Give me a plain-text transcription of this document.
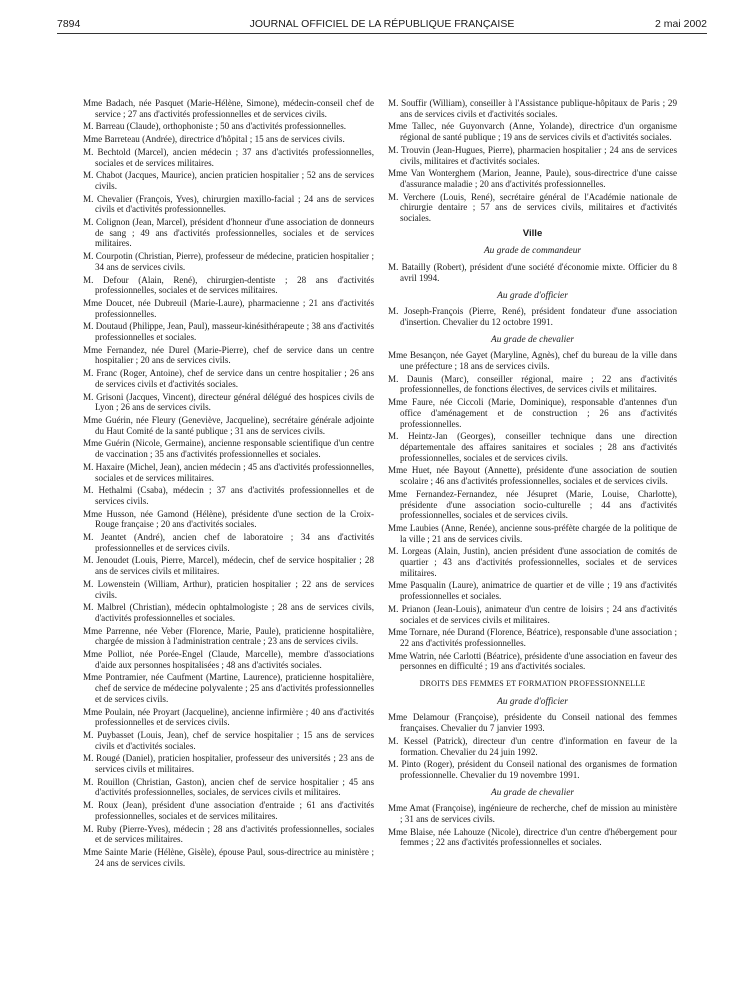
7894	JOURNAL OFFICIEL DE LA RÉPUBLIQUE FRANÇAISE	2 mai 2002
Mme Badach, née Pasquet (Marie-Hélène, Simone), médecin-conseil chef de service ; 27 ans d'activités professionnelles et de services civils.
M. Barreau (Claude), orthophoniste ; 50 ans d'activités professionnelles.
Mme Barreteau (Andrée), directrice d'hôpital ; 15 ans de services civils.
M. Bechtold (Marcel), ancien médecin ; 37 ans d'activités professionnelles, sociales et de services militaires.
M. Chabot (Jacques, Maurice), ancien praticien hospitalier ; 52 ans de services civils.
M. Chevalier (François, Yves), chirurgien maxillo-facial ; 24 ans de services civils et d'activités professionnelles.
M. Colignon (Jean, Marcel), président d'honneur d'une association de donneurs de sang ; 49 ans d'activités professionnelles, sociales et de services militaires.
M. Courpotin (Christian, Pierre), professeur de médecine, praticien hospitalier ; 34 ans de services civils.
M. Defour (Alain, René), chirurgien-dentiste ; 28 ans d'activités professionnelles, sociales et de services militaires.
Mme Doucet, née Dubreuil (Marie-Laure), pharmacienne ; 21 ans d'activités professionnelles.
M. Doutaud (Philippe, Jean, Paul), masseur-kinésithérapeute ; 38 ans d'activités professionnelles et sociales.
Mme Fernandez, née Durel (Marie-Pierre), chef de service dans un centre hospitalier ; 20 ans de services civils.
M. Franc (Roger, Antoine), chef de service dans un centre hospitalier ; 26 ans de services civils et d'activités sociales.
M. Grisoni (Jacques, Vincent), directeur général délégué des hospices civils de Lyon ; 26 ans de services civils.
Mme Guérin, née Fleury (Geneviève, Jacqueline), secrétaire générale adjointe du Haut Comité de la santé publique ; 31 ans de services civils.
Mme Guérin (Nicole, Germaine), ancienne responsable scientifique d'un centre de vaccination ; 35 ans d'activités professionnelles et sociales.
M. Haxaire (Michel, Jean), ancien médecin ; 45 ans d'activités professionnelles, sociales et de services militaires.
M. Hethalmi (Csaba), médecin ; 37 ans d'activités professionnelles et de services civils.
Mme Husson, née Gamond (Hélène), présidente d'une section de la Croix-Rouge française ; 20 ans d'activités sociales.
M. Jeantet (André), ancien chef de laboratoire ; 34 ans d'activités professionnelles et de services civils.
M. Jenoudet (Louis, Pierre, Marcel), médecin, chef de service hospitalier ; 28 ans de services civils et militaires.
M. Lowenstein (William, Arthur), praticien hospitalier ; 22 ans de services civils.
M. Malbrel (Christian), médecin ophtalmologiste ; 28 ans de services civils, d'activités professionnelles et sociales.
Mme Parrenne, née Veber (Florence, Marie, Paule), praticienne hospitalière, chargée de mission à l'administration centrale ; 23 ans de services civils.
Mme Polliot, née Porée-Engel (Claude, Marcelle), membre d'associations d'aide aux personnes hospitalisées ; 48 ans d'activités sociales.
Mme Pontramier, née Caufment (Martine, Laurence), praticienne hospitalière, chef de service de médecine polyvalente ; 25 ans d'activités professionnelles et de services civils.
Mme Poulain, née Proyart (Jacqueline), ancienne infirmière ; 40 ans d'activités professionnelles et de services civils.
M. Puybasset (Louis, Jean), chef de service hospitalier ; 15 ans de services civils et d'activités sociales.
M. Rougé (Daniel), praticien hospitalier, professeur des universités ; 23 ans de services civils et militaires.
M. Rouillon (Christian, Gaston), ancien chef de service hospitalier ; 45 ans d'activités professionnelles, sociales, de services civils et militaires.
M. Roux (Jean), président d'une association d'entraide ; 61 ans d'activités professionnelles, sociales et de services militaires.
M. Ruby (Pierre-Yves), médecin ; 28 ans d'activités professionnelles, sociales et de services militaires.
Mme Sainte Marie (Hélène, Gisèle), épouse Paul, sous-directrice au ministère ; 24 ans de services civils.
M. Souffir (William), conseiller à l'Assistance publique-hôpitaux de Paris ; 29 ans de services civils et d'activités sociales.
Mme Tallec, née Guyonvarch (Anne, Yolande), directrice d'un organisme régional de santé publique ; 19 ans de services civils et d'activités sociales.
M. Trouvin (Jean-Hugues, Pierre), pharmacien hospitalier ; 24 ans de services civils, militaires et d'activités sociales.
Mme Van Wonterghem (Marion, Jeanne, Paule), sous-directrice d'une caisse d'assurance maladie ; 20 ans d'activités professionnelles.
M. Verchere (Louis, René), secrétaire général de l'Académie nationale de chirurgie dentaire ; 57 ans de services civils, militaires et d'activités sociales.
Ville
Au grade de commandeur
M. Batailly (Robert), président d'une société d'économie mixte. Officier du 8 avril 1994.
Au grade d'officier
M. Joseph-François (Pierre, René), président fondateur d'une association d'insertion. Chevalier du 12 octobre 1991.
Au grade de chevalier
Mme Besançon, née Gayet (Maryline, Agnès), chef du bureau de la ville dans une préfecture ; 18 ans de services civils.
M. Daunis (Marc), conseiller régional, maire ; 22 ans d'activités professionnelles, de fonctions électives, de services civils et militaires.
Mme Faure, née Ciccoli (Marie, Dominique), responsable d'antennes d'un office d'aménagement et de construction ; 26 ans d'activités professionnelles.
M. Heintz-Jan (Georges), conseiller technique dans une direction départementale des affaires sanitaires et sociales ; 28 ans d'activités professionnelles, sociales et de services civils.
Mme Huet, née Bayout (Annette), présidente d'une association de soutien scolaire ; 46 ans d'activités professionnelles, sociales et de services civils.
Mme Fernandez-Fernandez, née Jésupret (Marie, Louise, Charlotte), présidente d'une association socio-culturelle ; 44 ans d'activités professionnelles, sociales et de services civils.
Mme Laubies (Anne, Renée), ancienne sous-préfète chargée de la politique de la ville ; 21 ans de services civils.
M. Lorgeas (Alain, Justin), ancien président d'une association de comités de quartier ; 43 ans d'activités professionnelles, sociales et de services militaires.
Mme Pasqualin (Laure), animatrice de quartier et de ville ; 19 ans d'activités professionnelles et sociales.
M. Prianon (Jean-Louis), animateur d'un centre de loisirs ; 24 ans d'activités sociales et de services civils et militaires.
Mme Tornare, née Durand (Florence, Béatrice), responsable d'une association ; 22 ans d'activités professionnelles.
Mme Watrin, née Carlotti (Béatrice), présidente d'une association en faveur des personnes en difficulté ; 19 ans d'activités sociales.
DROITS DES FEMMES ET FORMATION PROFESSIONNELLE
Au grade d'officier
Mme Delamour (Françoise), présidente du Conseil national des femmes françaises. Chevalier du 7 janvier 1993.
M. Kessel (Patrick), directeur d'un centre d'information en faveur de la formation. Chevalier du 24 juin 1992.
M. Pinto (Roger), président du Conseil national des organismes de formation professionnelle. Chevalier du 19 novembre 1991.
Au grade de chevalier
Mme Amat (Françoise), ingénieure de recherche, chef de mission au ministère ; 31 ans de services civils.
Mme Blaise, née Lahouze (Nicole), directrice d'un centre d'hébergement pour femmes ; 22 ans d'activités professionnelles et sociales.
